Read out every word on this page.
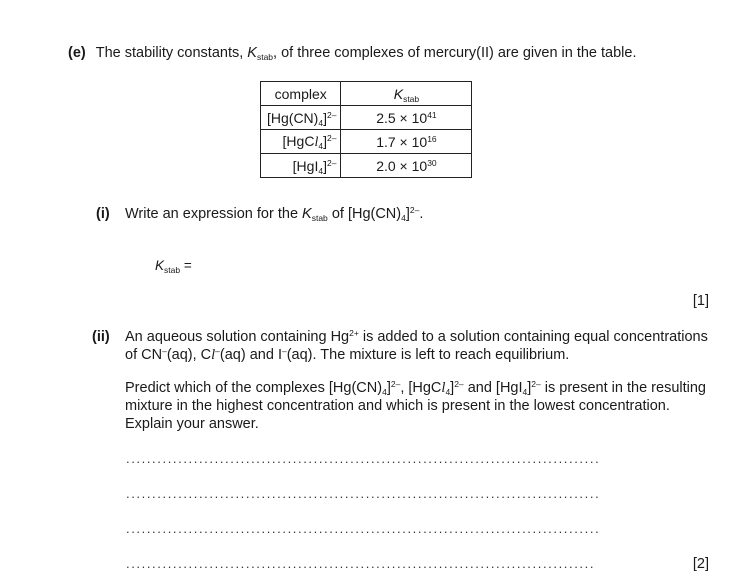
(e) The stability constants, $K_{stab}$, of three complexes of mercury(II) are given in the table.
complex	$K_{stab}$
$[Hg(CN)_4]^{2-}$	$2.5 \times 10^{41}$
[HgCl$_4$]$^{2-}$	$1.7 \times 10^{16}$
$[HgI_4]^{2-}$	$2.0 \times 10^{30}$
(i) Write an expression for the $K_{stab}$ of $[Hg(CN)_4]^{2-}$.
$K_{stab}$ =
[1]
(ii) An aqueous solution containing $Hg^{2+}$ is added to a solution containing equal concentrations of CN–(aq), Cl–(aq) and I–(aq). The mixture is left to reach equilibrium.
Predict which of the complexes $[Hg(CN)_4]^{2-}$, [HgCl$_4$]$^{2-}$ and $[HgI_4]^{2-}$ is present in the resulting mixture in the highest concentration and which is present in the lowest concentration. Explain your answer.
...........................................................................................
...........................................................................................
...........................................................................................
..........................................................................................	[2]
